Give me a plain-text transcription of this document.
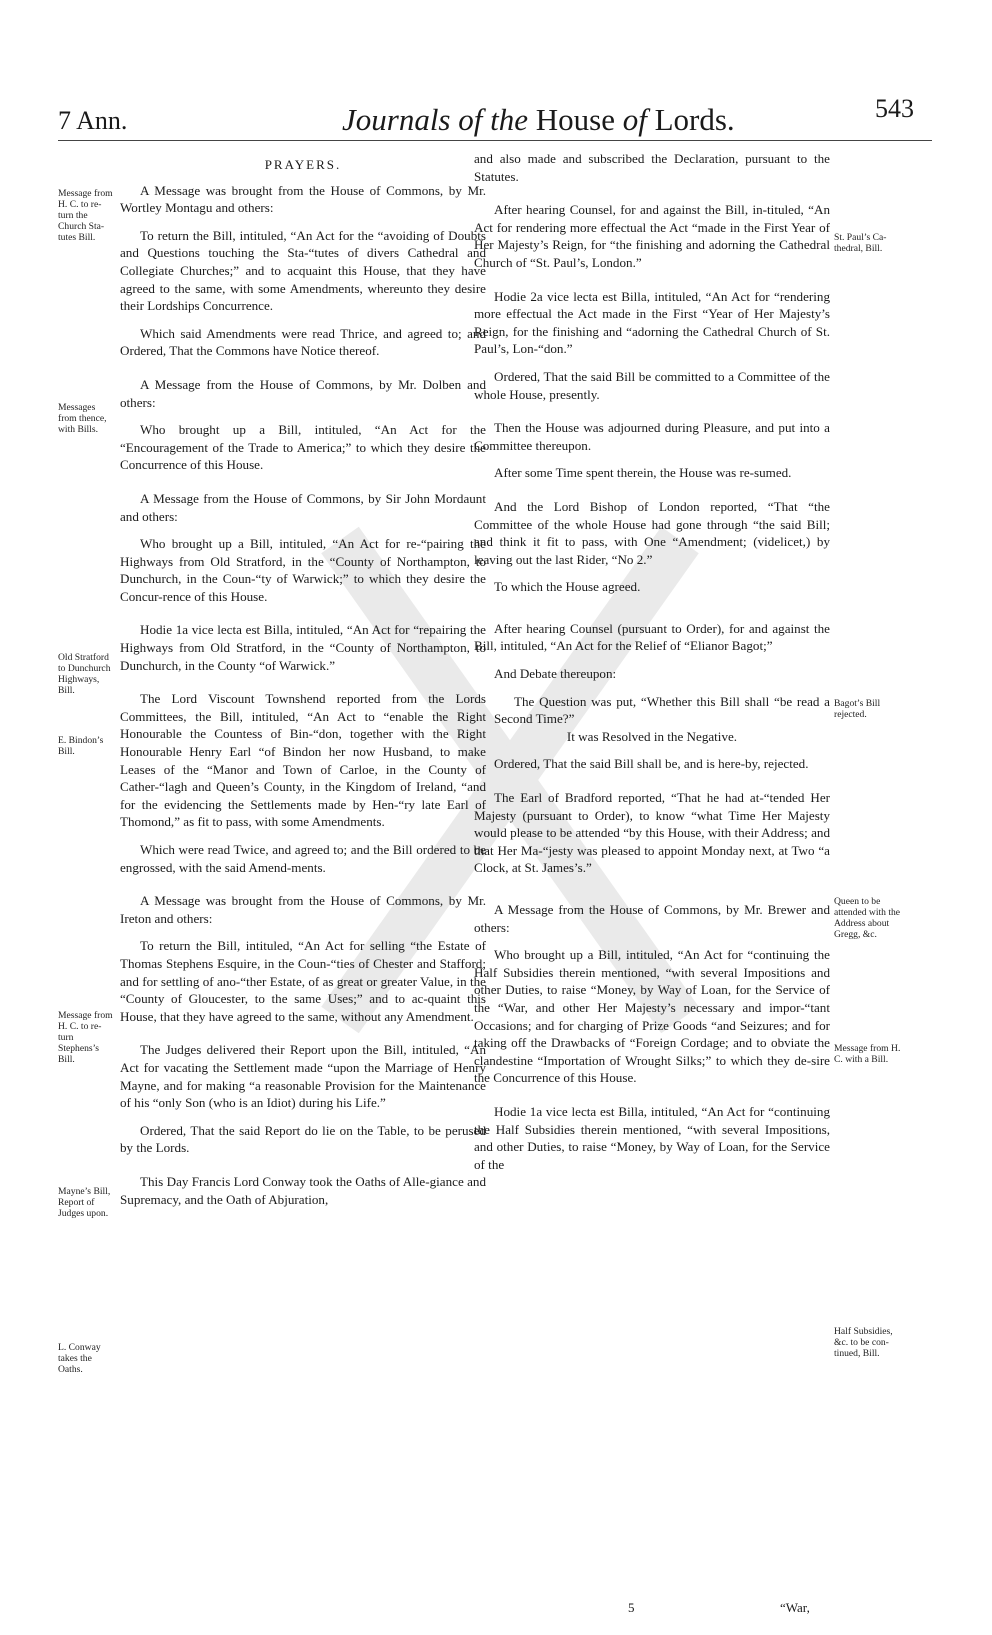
7 Ann.	Journals of the House of Lords.	543
Message from H. C. to re-turn the Church Sta-tutes Bill.
Messages from thence, with Bills.
Old Stratford to Dunchurch Highways, Bill.
E. Bindon’s Bill.
Message from H. C. to re-turn Stephens’s Bill.
Mayne’s Bill, Report of Judges upon.
L. Conway takes the Oaths.
St. Paul’s Ca-thedral, Bill.
Bagot’s Bill rejected.
Queen to be attended with the Address about Gregg, &c.
Message from H. C. with a Bill.
Half Subsidies, &c. to be con-tinued, Bill.

PRAYERS.

A Message was brought from the House of Commons, by Mr. Wortley Montagu and others:

To return the Bill, intituled, “An Act for the “avoiding of Doubts and Questions touching the Sta-“tutes of divers Cathedral and Collegiate Churches;” and to acquaint this House, that they have agreed to the same, with some Amendments, whereunto they desire their Lordships Concurrence.

Which said Amendments were read Thrice, and agreed to; and Ordered, That the Commons have Notice thereof.

A Message from the House of Commons, by Mr. Dolben and others:

Who brought up a Bill, intituled, “An Act for the “Encouragement of the Trade to America;” to which they desire the Concurrence of this House.

A Message from the House of Commons, by Sir John Mordaunt and others:

Who brought up a Bill, intituled, “An Act for re-“pairing the Highways from Old Stratford, in the “County of Northampton, to Dunchurch, in the Coun-“ty of Warwick;” to which they desire the Concur-rence of this House.

Hodie 1a vice lecta est Billa, intituled, “An Act for “repairing the Highways from Old Stratford, in the “County of Northampton, to Dunchurch, in the County “of Warwick.”

The Lord Viscount Townshend reported from the Lords Committees, the Bill, intituled, “An Act to “enable the Right Honourable the Countess of Bin-“don, together with the Right Honourable Henry Earl “of Bindon her now Husband, to make Leases of the “Manor and Town of Carloe, in the County of Cather-“lagh and Queen’s County, in the Kingdom of Ireland, “and for the evidencing the Settlements made by Hen-“ry late Earl of Thomond,” as fit to pass, with some Amendments.

Which were read Twice, and agreed to; and the Bill ordered to be engrossed, with the said Amend-ments.

A Message was brought from the House of Commons, by Mr. Ireton and others:

To return the Bill, intituled, “An Act for selling “the Estate of Thomas Stephens Esquire, in the Coun-“ties of Chester and Stafford; and for settling of ano-“ther Estate, of as great or greater Value, in the “County of Gloucester, to the same Uses;” and to ac-quaint this House, that they have agreed to the same, without any Amendment.

The Judges delivered their Report upon the Bill, intituled, “An Act for vacating the Settlement made “upon the Marriage of Henry Mayne, and for making “a reasonable Provision for the Maintenance of his “only Son (who is an Idiot) during his Life.”

Ordered, That the said Report do lie on the Table, to be perused by the Lords.

This Day Francis Lord Conway took the Oaths of Alle-giance and Supremacy, and the Oath of Abjuration,

and also made and subscribed the Declaration, pursuant to the Statutes.

After hearing Counsel, for and against the Bill, in-tituled, “An Act for rendering more effectual the Act “made in the First Year of Her Majesty’s Reign, for “the finishing and adorning the Cathedral Church of “St. Paul’s, London.”

Hodie 2a vice lecta est Billa, intituled, “An Act for “rendering more effectual the Act made in the First “Year of Her Majesty’s Reign, for the finishing and “adorning the Cathedral Church of St. Paul’s, Lon-“don.”

Ordered, That the said Bill be committed to a Committee of the whole House, presently.

Then the House was adjourned during Pleasure, and put into a Committee thereupon.

After some Time spent therein, the House was re-sumed.

And the Lord Bishop of London reported, “That “the Committee of the whole House had gone through “the said Bill; and think it fit to pass, with One “Amendment; (videlicet,) by leaving out the last Rider, “No 2.”

To which the House agreed.

After hearing Counsel (pursuant to Order), for and against the Bill, intituled, “An Act for the Relief of “Elianor Bagot;”

And Debate thereupon:

The Question was put, “Whether this Bill shall “be read a Second Time?”

It was Resolved in the Negative.

Ordered, That the said Bill shall be, and is here-by, rejected.

The Earl of Bradford reported, “That he had at-“tended Her Majesty (pursuant to Order), to know “what Time Her Majesty would please to be attended “by this House, with their Address; and that Her Ma-“jesty was pleased to appoint Monday next, at Two “a Clock, at St. James’s.”

A Message from the House of Commons, by Mr. Brewer and others:

Who brought up a Bill, intituled, “An Act for “continuing the Half Subsidies therein mentioned, “with several Impositions and other Duties, to raise “Money, by Way of Loan, for the Service of the “War, and other Her Majesty’s necessary and impor-“tant Occasions; and for charging of Prize Goods “and Seizures; and for taking off the Drawbacks of “Foreign Cordage; and to obviate the clandestine “Importation of Wrought Silks;” to which they de-sire the Concurrence of this House.

Hodie 1a vice lecta est Billa, intituled, “An Act for “continuing the Half Subsidies therein mentioned, “with several Impositions, and other Duties, to raise “Money, by Way of Loan, for the Service of the

5	“War,
